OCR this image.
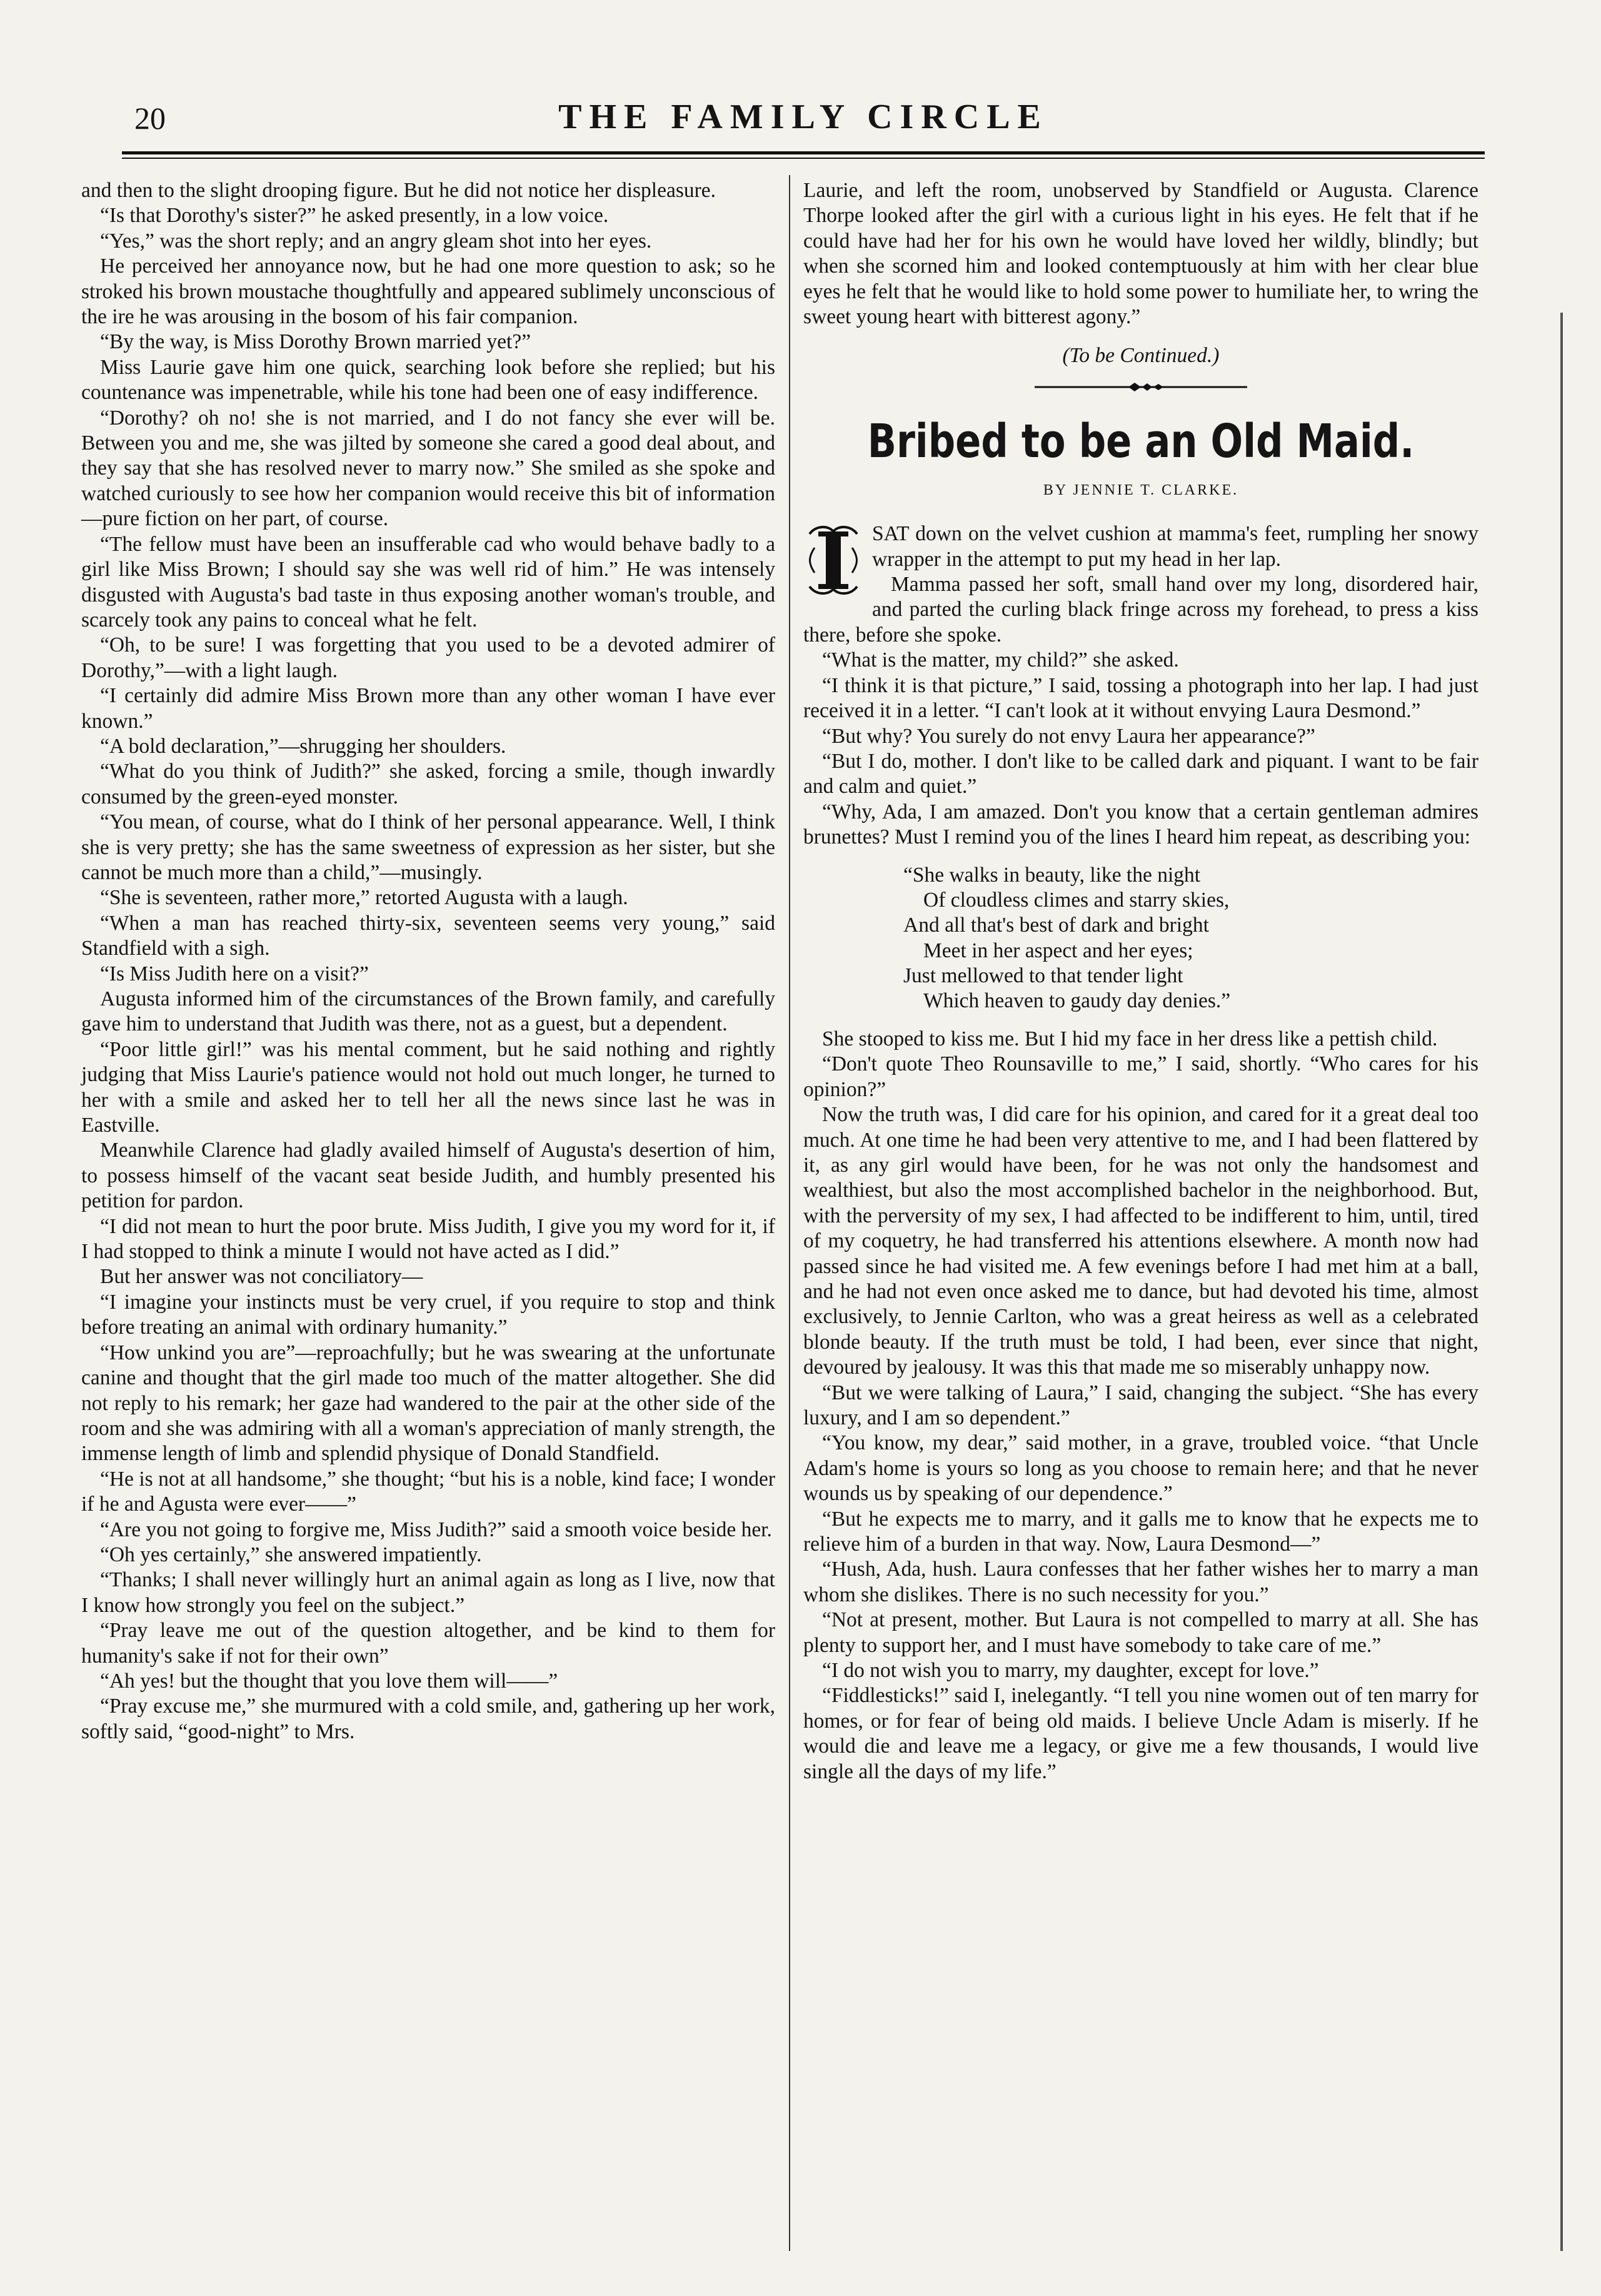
20	THE FAMILY CIRCLE

and then to the slight drooping figure. But he did not notice her displeasure.

“Is that Dorothy's sister?” he asked presently, in a low voice.

“Yes,” was the short reply; and an angry gleam shot into her eyes.

He perceived her annoyance now, but he had one more question to ask; so he stroked his brown moustache thoughtfully and appeared sublimely unconscious of the ire he was arousing in the bosom of his fair companion.

“By the way, is Miss Dorothy Brown married yet?”

Miss Laurie gave him one quick, searching look before she replied; but his countenance was impenetrable, while his tone had been one of easy indifference.

“Dorothy? oh no! she is not married, and I do not fancy she ever will be. Between you and me, she was jilted by someone she cared a good deal about, and they say that she has resolved never to marry now.” She smiled as she spoke and watched curiously to see how her companion would receive this bit of information—pure fiction on her part, of course.

“The fellow must have been an insufferable cad who would behave badly to a girl like Miss Brown; I should say she was well rid of him.” He was intensely disgusted with Augusta's bad taste in thus exposing another woman's trouble, and scarcely took any pains to conceal what he felt.

“Oh, to be sure! I was forgetting that you used to be a devoted admirer of Dorothy,”—with a light laugh.

“I certainly did admire Miss Brown more than any other woman I have ever known.”

“A bold declaration,”—shrugging her shoulders.

“What do you think of Judith?” she asked, forcing a smile, though inwardly consumed by the green-eyed monster.

“You mean, of course, what do I think of her personal appearance. Well, I think she is very pretty; she has the same sweetness of expression as her sister, but she cannot be much more than a child,”—musingly.

“She is seventeen, rather more,” retorted Augusta with a laugh.

“When a man has reached thirty-six, seventeen seems very young,” said Standfield with a sigh.

“Is Miss Judith here on a visit?”

Augusta informed him of the circumstances of the Brown family, and carefully gave him to understand that Judith was there, not as a guest, but a dependent.

“Poor little girl!” was his mental comment, but he said nothing and rightly judging that Miss Laurie's patience would not hold out much longer, he turned to her with a smile and asked her to tell her all the news since last he was in Eastville.

Meanwhile Clarence had gladly availed himself of Augusta's desertion of him, to possess himself of the vacant seat beside Judith, and humbly presented his petition for pardon.

“I did not mean to hurt the poor brute. Miss Judith, I give you my word for it, if I had stopped to think a minute I would not have acted as I did.”

But her answer was not conciliatory—

“I imagine your instincts must be very cruel, if you require to stop and think before treating an animal with ordinary humanity.”

“How unkind you are”—reproachfully; but he was swearing at the unfortunate canine and thought that the girl made too much of the matter altogether. She did not reply to his remark; her gaze had wandered to the pair at the other side of the room and she was admiring with all a woman's appreciation of manly strength, the immense length of limb and splendid physique of Donald Standfield.

“He is not at all handsome,” she thought; “but his is a noble, kind face; I wonder if he and Agusta were ever——”

“Are you not going to forgive me, Miss Judith?” said a smooth voice beside her.

“Oh yes certainly,” she answered impatiently.

“Thanks; I shall never willingly hurt an animal again as long as I live, now that I know how strongly you feel on the subject.”

“Pray leave me out of the question altogether, and be kind to them for humanity's sake if not for their own”

“Ah yes! but the thought that you love them will——”

“Pray excuse me,” she murmured with a cold smile, and, gathering up her work, softly said, “good-night” to Mrs.

Laurie, and left the room, unobserved by Standfield or Augusta. Clarence Thorpe looked after the girl with a curious light in his eyes. He felt that if he could have had her for his own he would have loved her wildly, blindly; but when she scorned him and looked contemptuously at him with her clear blue eyes he felt that he would like to hold some power to humiliate her, to wring the sweet young heart with bitterest agony.”

(To be Continued.)
Bribed to be an Old Maid.
BY JENNIE T. CLARKE.

SAT down on the velvet cushion at mamma's feet, rumpling her snowy wrapper in the attempt to put my head in her lap.

Mamma passed her soft, small hand over my long, disordered hair, and parted the curling black fringe across my forehead, to press a kiss there, before she spoke.

“What is the matter, my child?” she asked.

“I think it is that picture,” I said, tossing a photograph into her lap. I had just received it in a letter. “I can't look at it without envying Laura Desmond.”

“But why? You surely do not envy Laura her appearance?”

“But I do, mother. I don't like to be called dark and piquant. I want to be fair and calm and quiet.”

“Why, Ada, I am amazed. Don't you know that a certain gentleman admires brunettes? Must I remind you of the lines I heard him repeat, as describing you:

“She walks in beauty, like the night
Of cloudless climes and starry skies,
And all that's best of dark and bright
Meet in her aspect and her eyes;
Just mellowed to that tender light
Which heaven to gaudy day denies.”

She stooped to kiss me. But I hid my face in her dress like a pettish child.

“Don't quote Theo Rounsaville to me,” I said, shortly. “Who cares for his opinion?”

Now the truth was, I did care for his opinion, and cared for it a great deal too much. At one time he had been very attentive to me, and I had been flattered by it, as any girl would have been, for he was not only the handsomest and wealthiest, but also the most accomplished bachelor in the neighborhood. But, with the perversity of my sex, I had affected to be indifferent to him, until, tired of my coquetry, he had transferred his attentions elsewhere. A month now had passed since he had visited me. A few evenings before I had met him at a ball, and he had not even once asked me to dance, but had devoted his time, almost exclusively, to Jennie Carlton, who was a great heiress as well as a celebrated blonde beauty. If the truth must be told, I had been, ever since that night, devoured by jealousy. It was this that made me so miserably unhappy now.

“But we were talking of Laura,” I said, changing the subject. “She has every luxury, and I am so dependent.”

“You know, my dear,” said mother, in a grave, troubled voice. “that Uncle Adam's home is yours so long as you choose to remain here; and that he never wounds us by speaking of our dependence.”

“But he expects me to marry, and it galls me to know that he expects me to relieve him of a burden in that way. Now, Laura Desmond—”

“Hush, Ada, hush. Laura confesses that her father wishes her to marry a man whom she dislikes. There is no such necessity for you.”

“Not at present, mother. But Laura is not compelled to marry at all. She has plenty to support her, and I must have somebody to take care of me.”

“I do not wish you to marry, my daughter, except for love.”

“Fiddlesticks!” said I, inelegantly. “I tell you nine women out of ten marry for homes, or for fear of being old maids. I believe Uncle Adam is miserly. If he would die and leave me a legacy, or give me a few thousands, I would live single all the days of my life.”
